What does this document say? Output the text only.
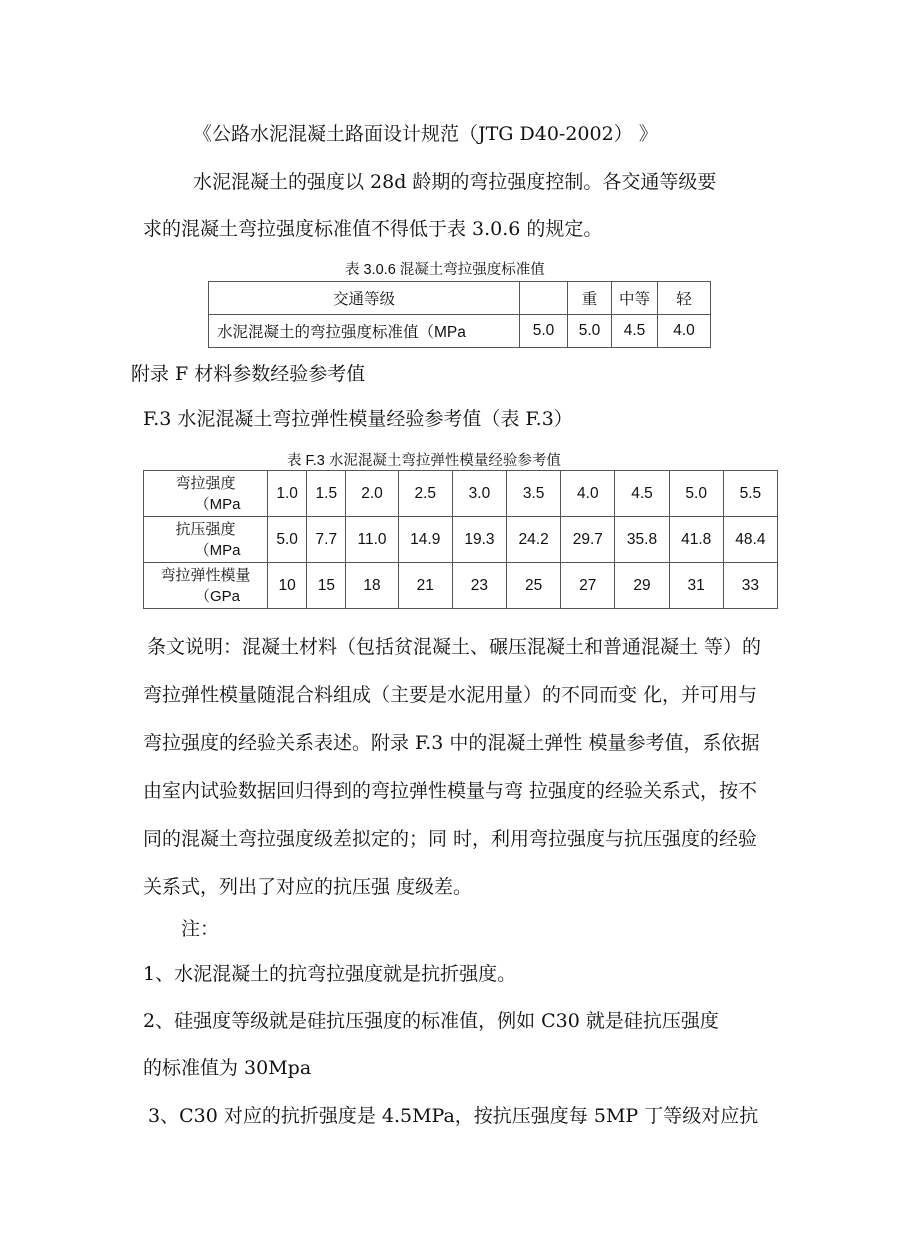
《公路水泥混凝土路面设计规范（JTG D40-2002） 》
水泥混凝土的强度以 28d 龄期的弯拉强度控制。各交通等级要
求的混凝土弯拉强度标准值不得低于表 3.0.6 的规定。
表 3.0.6 混凝土弯拉强度标准值
交通等级		重	中等	轻
水泥混凝土的弯拉强度标准值（MPa	5.0	5.0	4.5	4.0
附录 F 材料参数经验参考值
F.3 水泥混凝土弯拉弹性模量经验参考值（表 F.3）
表 F.3 水泥混凝土弯拉弹性模量经验参考值
弯拉强度
（MPa	1.0	1.5	2.0	2.5	3.0	3.5	4.0	4.5	5.0	5.5

抗压强度
（MPa	5.0	7.7	11.0	14.9	19.3	24.2	29.7	35.8	41.8	48.4

弯拉弹性模量
（GPa	10	15	18	21	23	25	27	29	31	33
条文说明：混凝土材料（包括贫混凝土、碾压混凝土和普通混凝土 等）的
弯拉弹性模量随混合料组成（主要是水泥用量）的不同而变 化，并可用与
弯拉强度的经验关系表述。附录 F.3 中的混凝土弹性 模量参考值，系依据
由室内试验数据回归得到的弯拉弹性模量与弯 拉强度的经验关系式，按不
同的混凝土弯拉强度级差拟定的；同 时，利用弯拉强度与抗压强度的经验
关系式，列出了对应的抗压强 度级差。
注：
1、水泥混凝土的抗弯拉强度就是抗折强度。
2、硅强度等级就是硅抗压强度的标准值，例如 C30 就是硅抗压强度
的标准值为 30Mpa
3、C30 对应的抗折强度是 4.5MPa，按抗压强度每 5MP 丁等级对应抗
